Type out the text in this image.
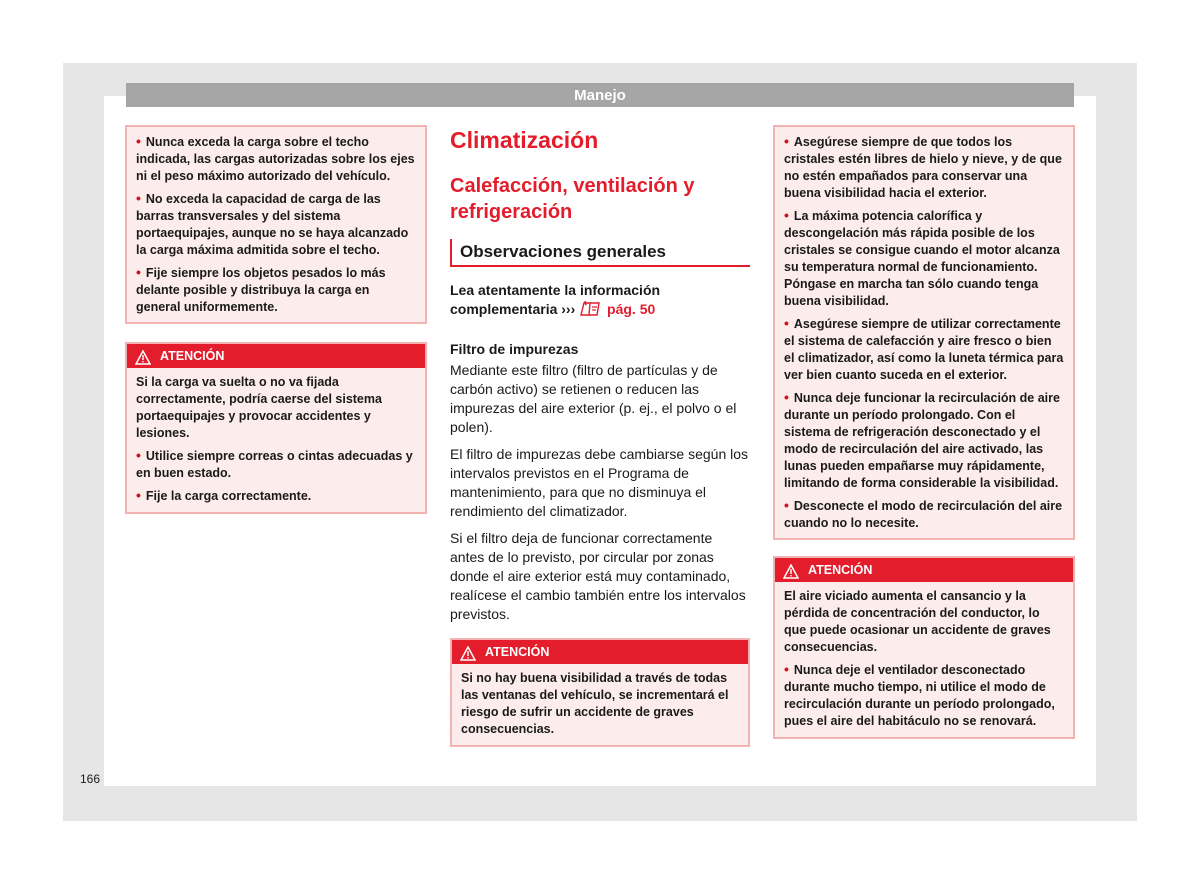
Manejo

• Nunca exceda la carga sobre el techo indicada, las cargas autorizadas sobre los ejes ni el peso máximo autorizado del vehículo.

• No exceda la capacidad de carga de las barras transversales y del sistema portaequipajes, aunque no se haya alcanzado la carga máxima admitida sobre el techo.

• Fije siempre los objetos pesados lo más delante posible y distribuya la carga en general uniformemente.

ATENCIÓN

Si la carga va suelta o no va fijada correctamente, podría caerse del sistema portaequipajes y provocar accidentes y lesiones.

• Utilice siempre correas o cintas adecuadas y en buen estado.

• Fije la carga correctamente.

Climatización
Calefacción, ventilación y refrigeración
Observaciones generales

Lea atentamente la información complementaria ››› pág. 50

Filtro de impurezas

Mediante este filtro (filtro de partículas y de carbón activo) se retienen o reducen las impurezas del aire exterior (p. ej., el polvo o el polen).

El filtro de impurezas debe cambiarse según los intervalos previstos en el Programa de mantenimiento, para que no disminuya el rendimiento del climatizador.

Si el filtro deja de funcionar correctamente antes de lo previsto, por circular por zonas donde el aire exterior está muy contaminado, realícese el cambio también entre los intervalos previstos.

ATENCIÓN

Si no hay buena visibilidad a través de todas las ventanas del vehículo, se incrementará el riesgo de sufrir un accidente de graves consecuencias.

• Asegúrese siempre de que todos los cristales estén libres de hielo y nieve, y de que no estén empañados para conservar una buena visibilidad hacia el exterior.

• La máxima potencia calorífica y descongelación más rápida posible de los cristales se consigue cuando el motor alcanza su temperatura normal de funcionamiento. Póngase en marcha tan sólo cuando tenga buena visibilidad.

• Asegúrese siempre de utilizar correctamente el sistema de calefacción y aire fresco o bien el climatizador, así como la luneta térmica para ver bien cuanto suceda en el exterior.

• Nunca deje funcionar la recirculación de aire durante un período prolongado. Con el sistema de refrigeración desconectado y el modo de recirculación del aire activado, las lunas pueden empañarse muy rápidamente, limitando de forma considerable la visibilidad.

• Desconecte el modo de recirculación del aire cuando no lo necesite.

ATENCIÓN

El aire viciado aumenta el cansancio y la pérdida de concentración del conductor, lo que puede ocasionar un accidente de graves consecuencias.

• Nunca deje el ventilador desconectado durante mucho tiempo, ni utilice el modo de recirculación durante un período prolongado, pues el aire del habitáculo no se renovará.

166
